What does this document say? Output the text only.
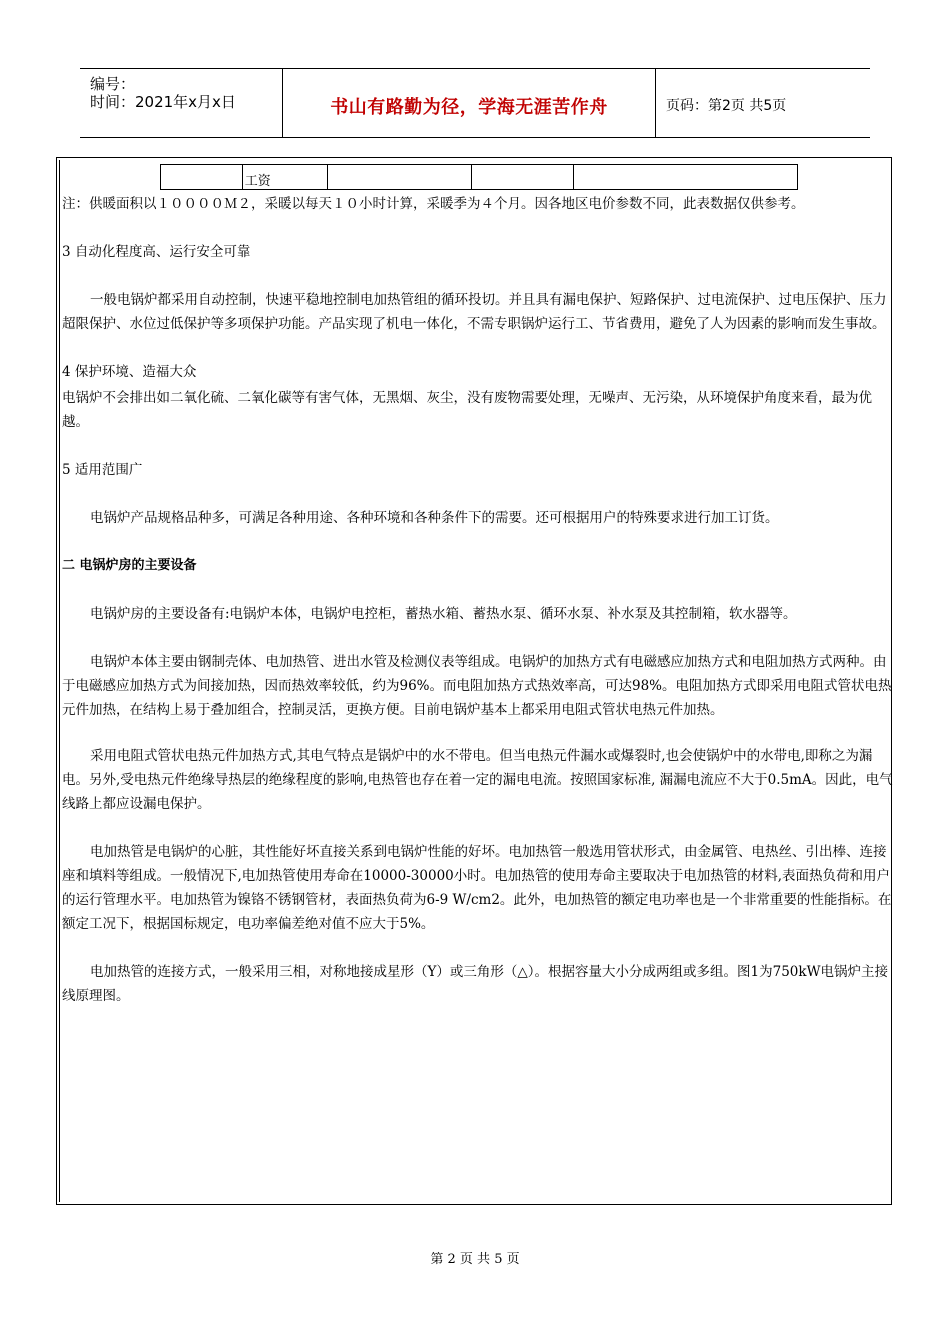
编号：
时间：2021年x月x日	书山有路勤为径，学海无涯苦作舟	页码：第2页 共5页
工资
注：供暖面积以１００００Ｍ２，采暖以每天１０小时计算，采暖季为４个月。因各地区电价参数不同，此表数据仅供参考。
3 自动化程度高、运行安全可靠
一般电锅炉都采用自动控制，快速平稳地控制电加热管组的循环投切。并且具有漏电保护、短路保护、过电流保护、过电压保护、压力超限保护、水位过低保护等多项保护功能。产品实现了机电一体化，不需专职锅炉运行工、节省费用，避免了人为因素的影响而发生事故。
4 保护环境、造福大众
电锅炉不会排出如二氧化硫、二氧化碳等有害气体，无黑烟、灰尘，没有废物需要处理，无噪声、无污染，从环境保护角度来看，最为优越。
5 适用范围广
电锅炉产品规格品种多，可满足各种用途、各种环境和各种条件下的需要。还可根据用户的特殊要求进行加工订货。
二 电锅炉房的主要设备
电锅炉房的主要设备有:电锅炉本体，电锅炉电控柜，蓄热水箱、蓄热水泵、循环水泵、补水泵及其控制箱，软水器等。
电锅炉本体主要由钢制壳体、电加热管、进出水管及检测仪表等组成。电锅炉的加热方式有电磁感应加热方式和电阻加热方式两种。由于电磁感应加热方式为间接加热，因而热效率较低，约为96%。而电阻加热方式热效率高，可达98%。电阻加热方式即采用电阻式管状电热元件加热，在结构上易于叠加组合，控制灵活，更换方便。目前电锅炉基本上都采用电阻式管状电热元件加热。
采用电阻式管状电热元件加热方式,其电气特点是锅炉中的水不带电。但当电热元件漏水或爆裂时,也会使锅炉中的水带电,即称之为漏电。另外,受电热元件绝缘导热层的绝缘程度的影响,电热管也存在着一定的漏电电流。按照国家标准, 漏漏电流应不大于0.5mA。因此，电气线路上都应设漏电保护。
电加热管是电锅炉的心脏，其性能好坏直接关系到电锅炉性能的好坏。电加热管一般选用管状形式，由金属管、电热丝、引出棒、连接座和填料等组成。一般情况下,电加热管使用寿命在10000-30000小时。电加热管的使用寿命主要取决于电加热管的材料,表面热负荷和用户的运行管理水平。电加热管为镍铬不锈钢管材，表面热负荷为6-9 W/cm2。此外，电加热管的额定电功率也是一个非常重要的性能指标。在额定工况下，根据国标规定，电功率偏差绝对值不应大于5%。
电加热管的连接方式，一般采用三相，对称地接成星形（Y）或三角形（△）。根据容量大小分成两组或多组。图1为750kW电锅炉主接线原理图。
第 2 页 共 5 页
